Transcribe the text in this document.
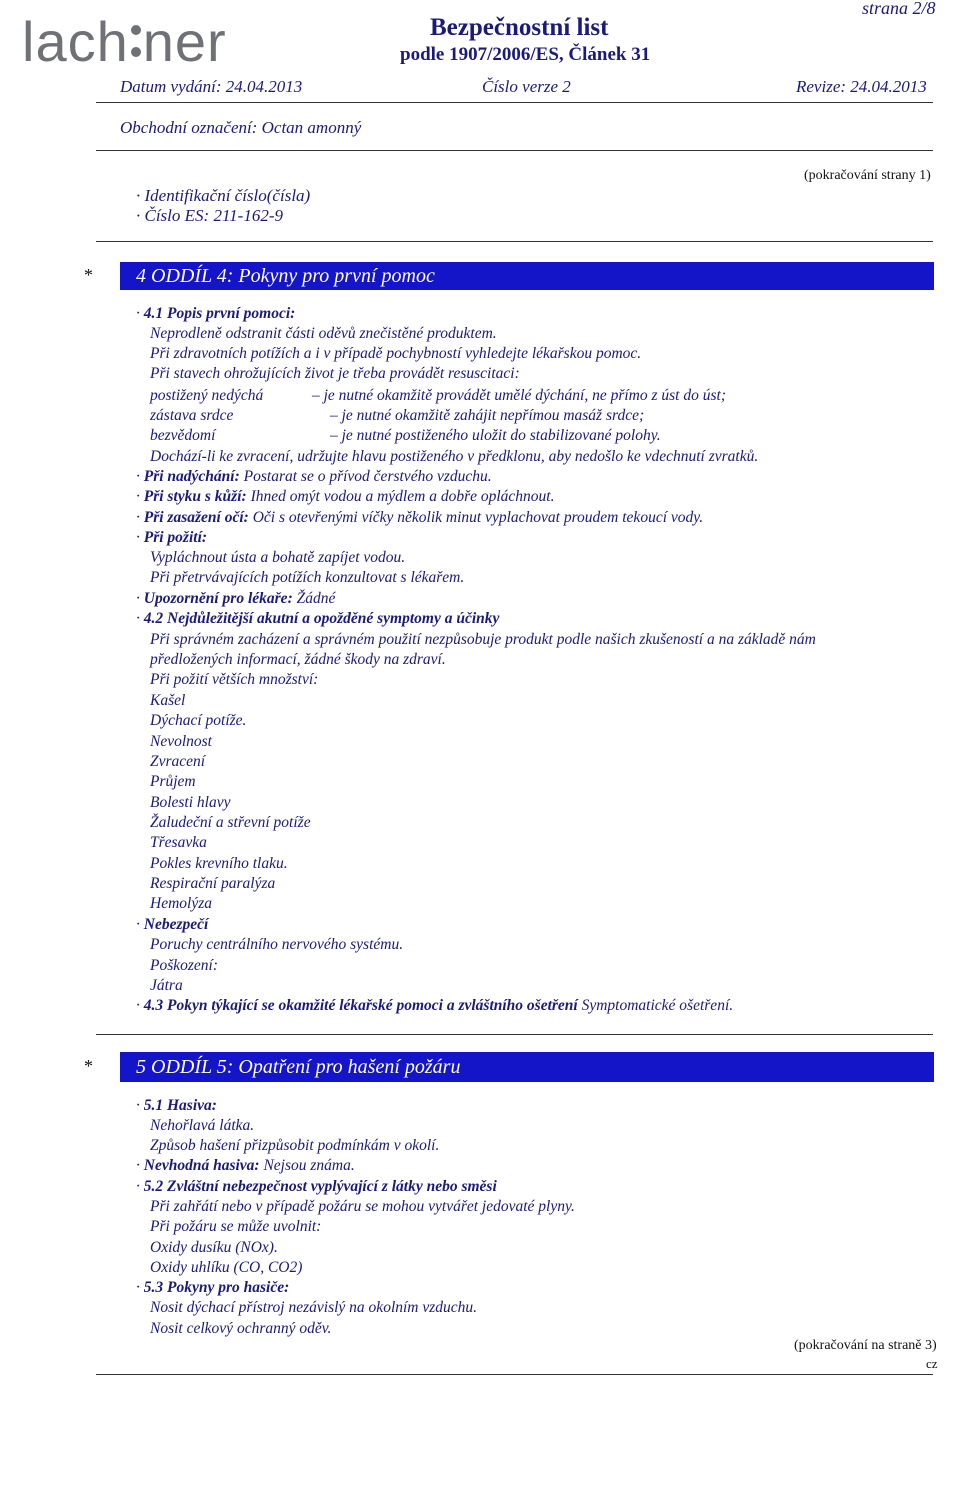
lach ner
strana 2/8
Bezpečnostní list
podle 1907/2006/ES, Článek 31
Datum vydání: 24.04.2013	Číslo verze 2	Revize: 24.04.2013
Obchodní označení: Octan amonný
(pokračování strany 1)
· Identifikační číslo(čísla)
· Číslo ES: 211-162-9
*	4 ODDÍL 4: Pokyny pro první pomoc
· 4.1 Popis první pomoci:
Neprodleně odstranit části oděvů znečistěné produktem.
Při zdravotních potížích a i v případě pochybností vyhledejte lékařskou pomoc.
Při stavech ohrožujících život je třeba provádět resuscitaci:
postižený nedýchá	– je nutné okamžitě provádět umělé dýchání, ne přímo z úst do úst;
zástava srdce	– je nutné okamžitě zahájit nepřímou masáž srdce;
bezvědomí	– je nutné postiženého uložit do stabilizované polohy.
Dochází-li ke zvracení, udržujte hlavu postiženého v předklonu, aby nedošlo ke vdechnutí zvratků.
· Při nadýchání: Postarat se o přívod čerstvého vzduchu.
· Při styku s kůží: Ihned omýt vodou a mýdlem a dobře opláchnout.
· Při zasažení očí: Oči s otevřenými víčky několik minut vyplachovat proudem tekoucí vody.
· Při požití:
Vypláchnout ústa a bohatě zapíjet vodou.
Při přetrvávajících potížích konzultovat s lékařem.
· Upozornění pro lékaře: Žádné
· 4.2 Nejdůležitější akutní a opožděné symptomy a účinky
Při správném zacházení a správném použití nezpůsobuje produkt podle našich zkušeností a na základě nám
předložených informací, žádné škody na zdraví.
Při požití větších množství:
Kašel
Dýchací potíže.
Nevolnost
Zvracení
Průjem
Bolesti hlavy
Žaludeční a střevní potíže
Třesavka
Pokles krevního tlaku.
Respirační paralýza
Hemolýza
· Nebezpečí
Poruchy centrálního nervového systému.
Poškození:
Játra
· 4.3 Pokyn týkající se okamžité lékařské pomoci a zvláštního ošetření Symptomatické ošetření.
*	5 ODDÍL 5: Opatření pro hašení požáru
· 5.1 Hasiva:
Nehořlavá látka.
Způsob hašení přizpůsobit podmínkám v okolí.
· Nevhodná hasiva: Nejsou známa.
· 5.2 Zvláštní nebezpečnost vyplývající z látky nebo směsi
Při zahřátí nebo v případě požáru se mohou vytvářet jedovaté plyny.
Při požáru se může uvolnit:
Oxidy dusíku (NOx).
Oxidy uhlíku (CO, CO2)
· 5.3 Pokyny pro hasiče:
Nosit dýchací přístroj nezávislý na okolním vzduchu.
Nosit celkový ochranný oděv.
(pokračování na straně 3)
cz
